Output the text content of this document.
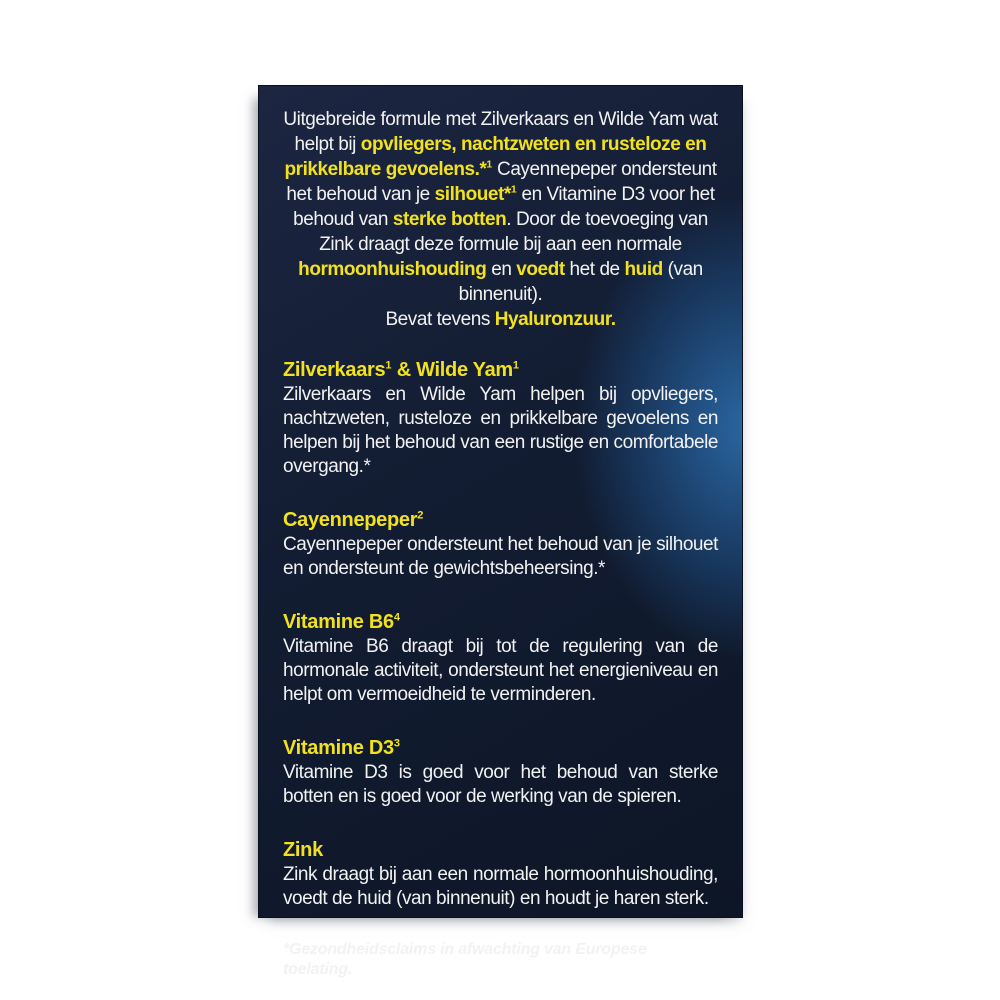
Uitgebreide formule met Zilverkaars en Wilde Yam wat helpt bij opvliegers, nachtzweten en rusteloze en prikkelbare gevoelens.*$^1$ Cayennepeper ondersteunt het behoud van je silhouet*$^1$ en Vitamine D3 voor het behoud van sterke botten. Door de toevoeging van Zink draagt deze formule bij aan een normale hormoonhuishouding en voedt het de huid (van binnenuit).
Bevat tevens Hyaluronzuur.

Zilverkaars$^1$ & Wilde Yam$^1$

Zilverkaars en Wilde Yam helpen bij opvliegers, nachtzweten, rusteloze en prikkelbare gevoelens en helpen bij het behoud van een rustige en comfortabele overgang.*

Cayennepeper$^2$

Cayennepeper ondersteunt het behoud van je silhouet en ondersteunt de gewichtsbeheersing.*

Vitamine $B6^4$

Vitamine B6 draagt bij tot de regulering van de hormonale activiteit, ondersteunt het energieniveau en helpt om vermoeidheid te verminderen.

Vitamine $D3^3$

Vitamine D3 is goed voor het behoud van sterke botten en is goed voor de werking van de spieren.

Zink

Zink draagt bij aan een normale hormoonhuishouding, voedt de huid (van binnenuit) en houdt je haren sterk.

*Gezondheidsclaims in afwachting van Europese toelating.
